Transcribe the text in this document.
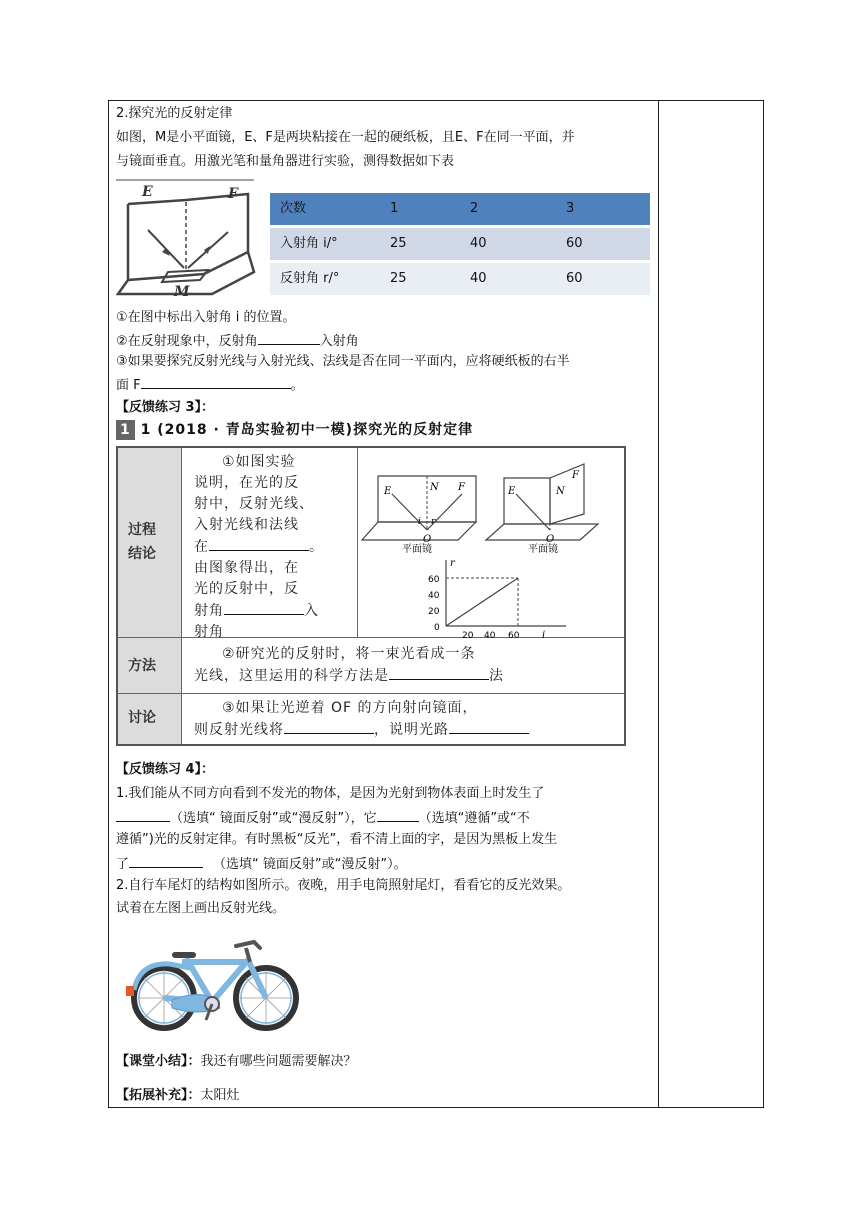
2.探究光的反射定律
如图，M是小平面镜，E、F是两块粘接在一起的硬纸板，且E、F在同一平面，并
与镜面垂直。用激光笔和量角器进行实验，测得数据如下表
E	F
M
次数	1	2	3
入射角 i/°	25	40	60
反射角 r/°	25	40	60
①在图中标出入射角 i 的位置。
②在反射现象中，反射角	入射角
③如果要探究反射光线与入射光线、法线是否在同一平面内，应将硬纸板的右半
面 F	。
【反馈练习 3】：
1 1 (2018 · 青岛实验初中一模)探究光的反射定律
过程
结论
①如图实验
说明，在光的反
射中，反射光线、
入射光线和法线
在	。
由图象得出，在
光的反射中，反
射角	入
射角
E	N F
i r
O
平面镜
E	N
F
O
平面镜
60
40
20
0
20 40 60 i
r
方法
②研究光的反射时，将一束光看成一条
光线，这里运用的科学方法是	法
讨论
③如果让光逆着 OF 的方向射向镜面，
则反射光线将	，说明光路
【反馈练习 4】：
1.我们能从不同方向看到不发光的物体，是因为光射到物体表面上时发生了
（选填“ 镜面反射”或“漫反射”），它	（选填“遵循”或“不
遵循”)光的反射定律。有时黑板“反光”，看不清上面的字，是因为黑板上发生
了	（选填“ 镜面反射”或“漫反射”）。
2.自行车尾灯的结构如图所示。夜晚，用手电筒照射尾灯，看看它的反光效果。
试着在左图上画出反射光线。
【课堂小结】：我还有哪些问题需要解决？
【拓展补充】：太阳灶
